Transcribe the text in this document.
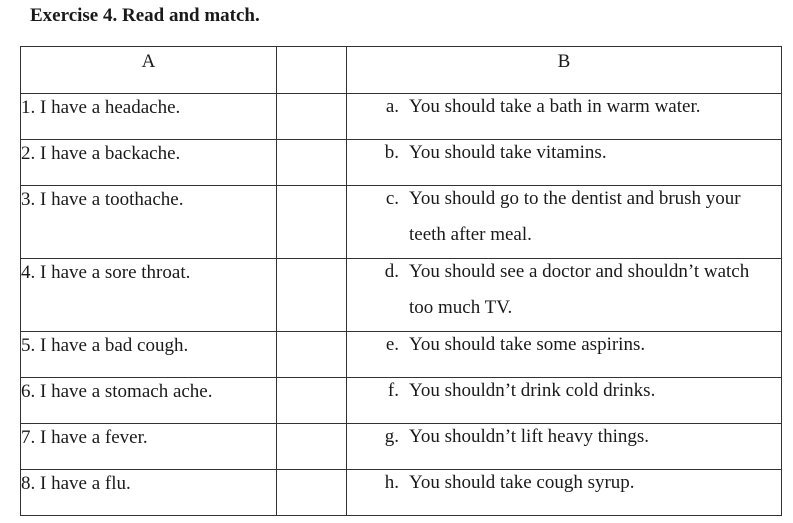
Exercise 4. Read and match.
A		B

1. I have a headache.		a. You should take a bath in warm water.

2. I have a backache.		b. You should take vitamins.

3. I have a toothache.		c. You should go to the dentist and brush your teeth after meal.

4. I have a sore throat.		d. You should see a doctor and shouldn’t watch too much TV.

5. I have a bad cough.		e. You should take some aspirins.

6. I have a stomach ache.		f. You shouldn’t drink cold drinks.

7. I have a fever.		g. You shouldn’t lift heavy things.

8. I have a flu.		h. You should take cough syrup.
